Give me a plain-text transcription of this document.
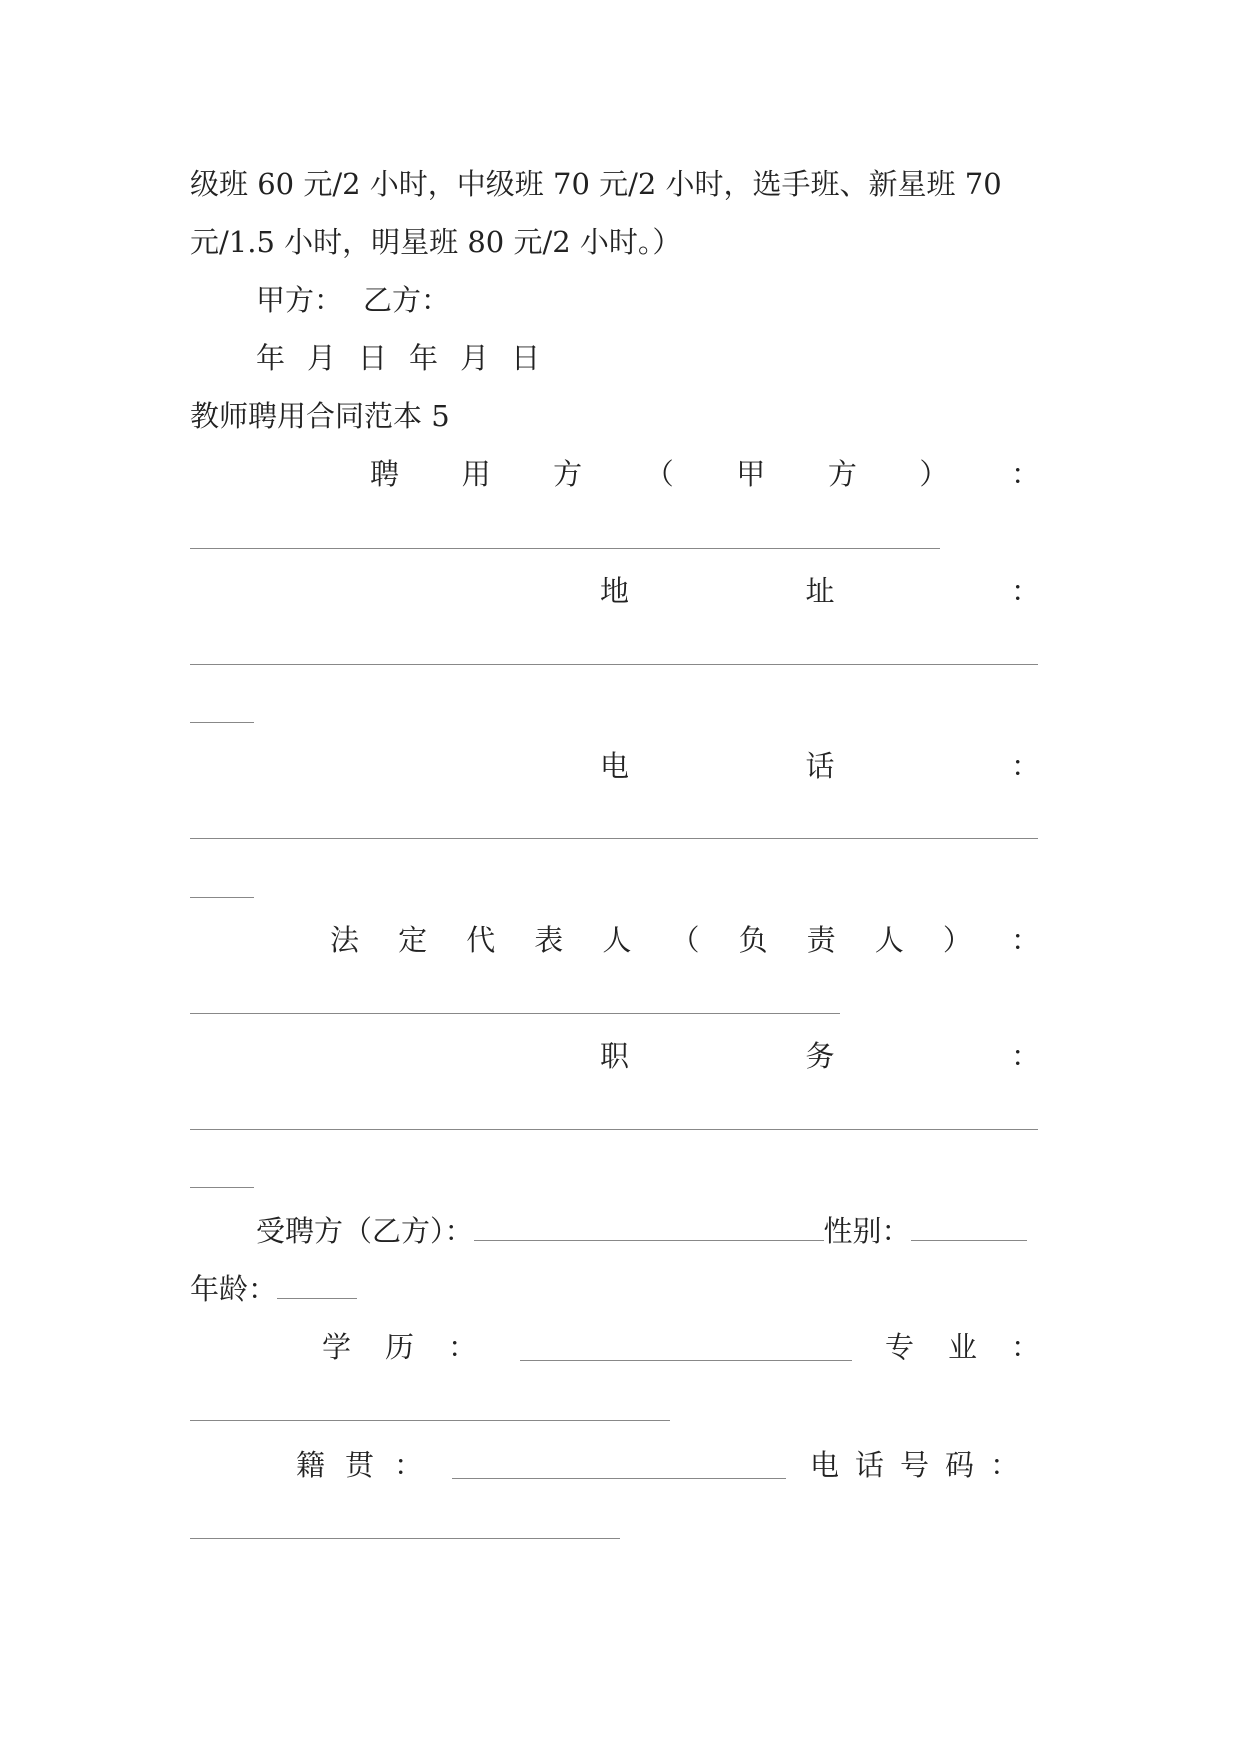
级班 60 元/2 小时，中级班 70 元/2 小时，选手班、新星班 70
元/1.5 小时，明星班 80 元/2 小时。）
甲方： 乙方：
年 月 日 年 月 日
教师聘用合同范本 5
聘 用 方 （ 甲 方 ） ：
地	址	：
电	话	：
法 定 代 表 人 （ 负 责 人 ） ：
职	务	：
受聘方（乙方）：	性别：
年龄：
学 历 ：	专 业 ：
籍 贯 ：	电 话 号 码 ：
